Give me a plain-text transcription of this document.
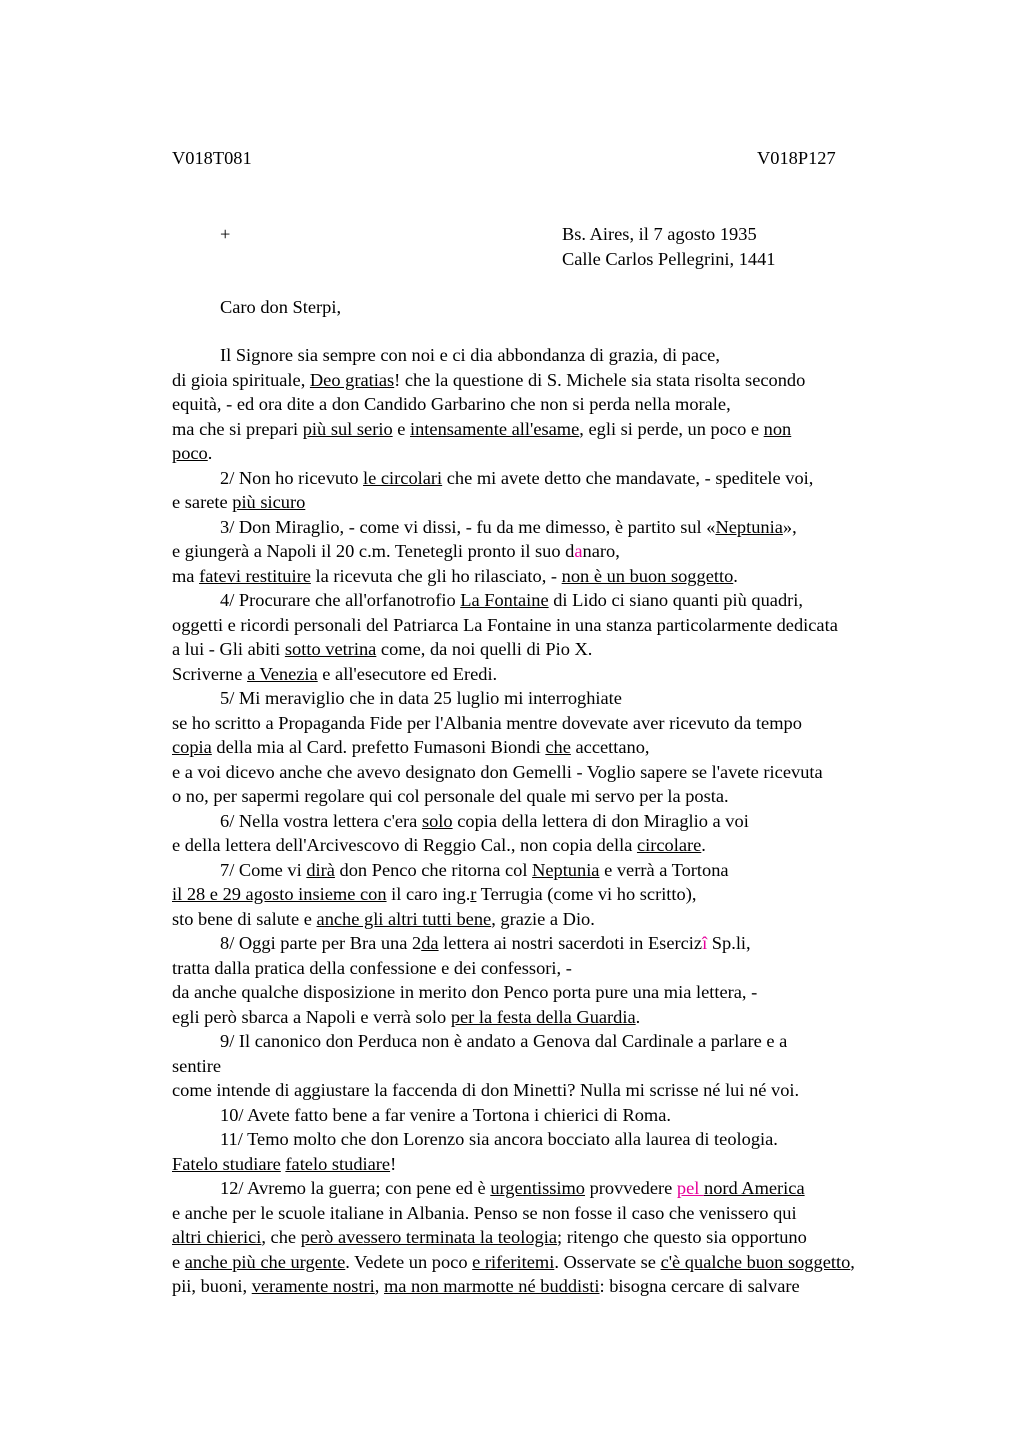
V018T081	V018P127
+	Bs. Aires, il 7 agosto 1935
Calle Carlos Pellegrini, 1441
Caro don Sterpi,
Il Signore sia sempre con noi e ci dia abbondanza di grazia, di pace,
di gioia spirituale, Deo gratias! che la questione di S. Michele sia stata risolta secondo
equità, - ed ora dite a don Candido Garbarino che non si perda nella morale,
ma che si prepari più sul serio e intensamente all'esame, egli si perde, un poco e non
poco.
2/ Non ho ricevuto le circolari che mi avete detto che mandavate, - speditele voi,
e sarete più sicuro
3/ Don Miraglio, - come vi dissi, - fu da me dimesso, è partito sul «Neptunia»,
e giungerà a Napoli il 20 c.m. Tenetegli pronto il suo danaro,
ma fatevi restituire la ricevuta che gli ho rilasciato, - non è un buon soggetto.
4/ Procurare che all'orfanotrofio La Fontaine di Lido ci siano quanti più quadri,
oggetti e ricordi personali del Patriarca La Fontaine in una stanza particolarmente dedicata
a lui - Gli abiti sotto vetrina come, da noi quelli di Pio X.
Scriverne a Venezia e all'esecutore ed Eredi.
5/ Mi meraviglio che in data 25 luglio mi interroghiate
se ho scritto a Propaganda Fide per l'Albania mentre dovevate aver ricevuto da tempo
copia della mia al Card. prefetto Fumasoni Biondi che accettano,
e a voi dicevo anche che avevo designato don Gemelli - Voglio sapere se l'avete ricevuta
o no, per sapermi regolare qui col personale del quale mi servo per la posta.
6/ Nella vostra lettera c'era solo copia della lettera di don Miraglio a voi
e della lettera dell'Arcivescovo di Reggio Cal., non copia della circolare.
7/ Come vi dirà don Penco che ritorna col Neptunia e verrà a Tortona
il 28 e 29 agosto insieme con il caro ing.r Terrugia (come vi ho scritto),
sto bene di salute e anche gli altri tutti bene, grazie a Dio.
8/ Oggi parte per Bra una 2da lettera ai nostri sacerdoti in Esercizî Sp.li,
tratta dalla pratica della confessione e dei confessori, -
da anche qualche disposizione in merito don Penco porta pure una mia lettera, -
egli però sbarca a Napoli e verrà solo per la festa della Guardia.
9/ Il canonico don Perduca non è andato a Genova dal Cardinale a parlare e a
sentire
come intende di aggiustare la faccenda di don Minetti? Nulla mi scrisse né lui né voi.
10/ Avete fatto bene a far venire a Tortona i chierici di Roma.
11/ Temo molto che don Lorenzo sia ancora bocciato alla laurea di teologia.
Fatelo studiare fatelo studiare!
12/ Avremo la guerra; con pene ed è urgentissimo provvedere pel nord America
e anche per le scuole italiane in Albania. Penso se non fosse il caso che venissero qui
altri chierici, che però avessero terminata la teologia; ritengo che questo sia opportuno
e anche più che urgente. Vedete un poco e riferitemi. Osservate se c'è qualche buon soggetto,
pii, buoni, veramente nostri, ma non marmotte né buddisti: bisogna cercare di salvare
